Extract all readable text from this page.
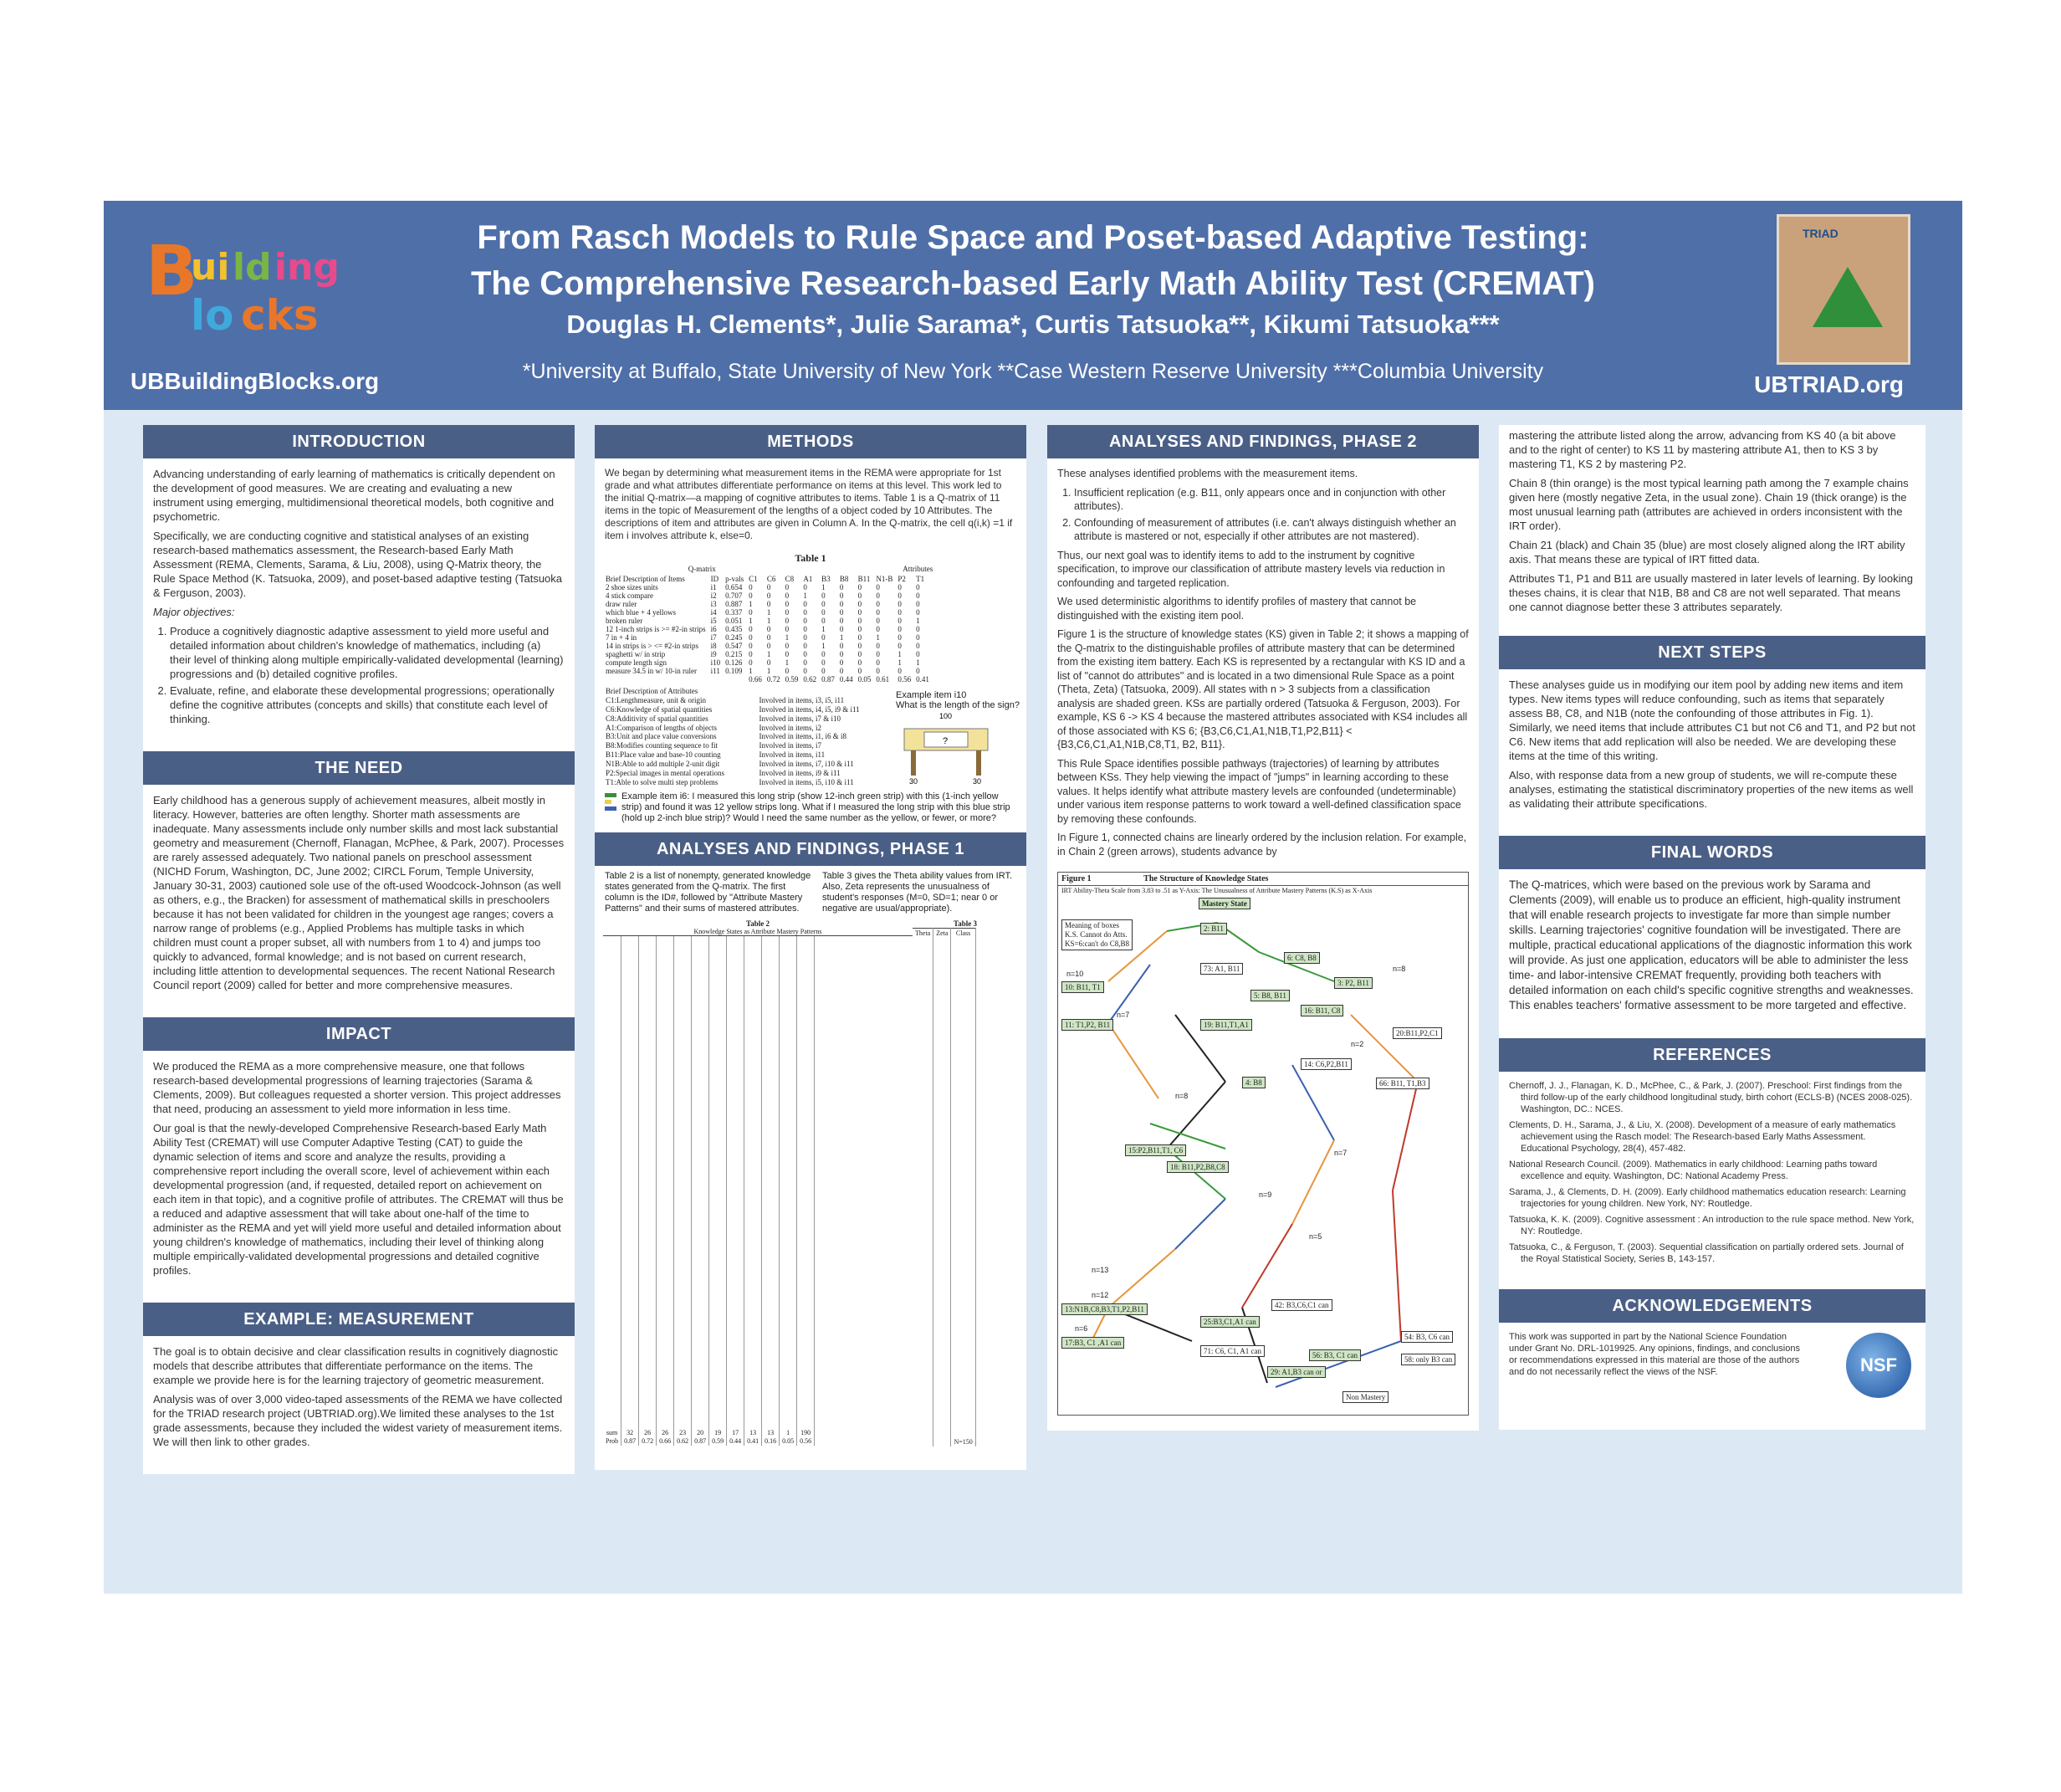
B
ui ld ing
lo cks
UBBuildingBlocks.org
From Rasch Models to Rule Space and Poset-based Adaptive Testing:
The Comprehensive Research-based Early Math Ability Test (CREMAT)
Douglas H. Clements*, Julie Sarama*, Curtis Tatsuoka**, Kikumi Tatsuoka***
*University at Buffalo, State University of New York **Case Western Reserve University ***Columbia University
TRIAD
UBTRIAD.org
INTRODUCTION

Advancing understanding of early learning of mathematics is critically dependent on the development of good measures. We are creating and evaluating a new instrument using emerging, multidimensional theoretical models, both cognitive and psychometric.

Specifically, we are conducting cognitive and statistical analyses of an existing research-based mathematics assessment, the Research-based Early Math Assessment (REMA, Clements, Sarama, & Liu, 2008), using Q-Matrix theory, the Rule Space Method (K. Tatsuoka, 2009), and poset-based adaptive testing (Tatsuoka & Ferguson, 2003).

Major objectives:

1. Produce a cognitively diagnostic adaptive assessment to yield more useful and detailed information about children's knowledge of mathematics, including (a) their level of thinking along multiple empirically-validated developmental (learning) progressions and (b) detailed cognitive profiles.
2. Evaluate, refine, and elaborate these developmental progressions; operationally define the cognitive attributes (concepts and skills) that constitute each level of thinking.
THE NEED

Early childhood has a generous supply of achievement measures, albeit mostly in literacy. However, batteries are often lengthy. Shorter math assessments are inadequate. Many assessments include only number skills and most lack substantial geometry and measurement (Chernoff, Flanagan, McPhee, & Park, 2007). Processes are rarely assessed adequately. Two national panels on preschool assessment (NICHD Forum, Washington, DC, June 2002; CIRCL Forum, Temple University, January 30-31, 2003) cautioned sole use of the oft-used Woodcock-Johnson (as well as others, e.g., the Bracken) for assessment of mathematical skills in preschoolers because it has not been validated for children in the youngest age ranges; covers a narrow range of problems (e.g., Applied Problems has multiple tasks in which children must count a proper subset, all with numbers from 1 to 4) and jumps too quickly to advanced, formal knowledge; and is not based on current research, including little attention to developmental sequences. The recent National Research Council report (2009) called for better and more comprehensive measures.

IMPACT

We produced the REMA as a more comprehensive measure, one that follows research-based developmental progressions of learning trajectories (Sarama & Clements, 2009). But colleagues requested a shorter version. This project addresses that need, producing an assessment to yield more information in less time.

Our goal is that the newly-developed Comprehensive Research-based Early Math Ability Test (CREMAT) will use Computer Adaptive Testing (CAT) to guide the dynamic selection of items and score and analyze the results, providing a comprehensive report including the overall score, level of achievement within each developmental progression (and, if requested, detailed report on achievement on each item in that topic), and a cognitive profile of attributes. The CREMAT will thus be a reduced and adaptive assessment that will take about one-half of the time to administer as the REMA and yet will yield more useful and detailed information about young children's knowledge of mathematics, including their level of thinking along multiple empirically-validated developmental progressions and detailed cognitive profiles.

EXAMPLE: MEASUREMENT

The goal is to obtain decisive and clear classification results in cognitively diagnostic models that describe attributes that differentiate performance on the items. The example we provide here is for the learning trajectory of geometric measurement.

Analysis was of over 3,000 video-taped assessments of the REMA we have collected for the TRIAD research project (UBTRIAD.org).We limited these analyses to the 1st grade assessments, because they included the widest variety of measurement items. We will then link to other grades.

METHODS

We began by determining what measurement items in the REMA were appropriate for 1st grade and what attributes differentiate performance on items at this level. This work led to the initial Q-matrix—a mapping of cognitive attributes to items. Table 1 is a Q-matrix of 11 items in the topic of Measurement of the lengths of a object coded by 10 Attributes. The descriptions of item and attributes are given in Column A. In the Q-matrix, the cell q(i,k) =1 if item i involves attribute k, else=0.

Table 1
Q-matrix	Attributes
Brief Description of Items	ID	p-vals	C1	C6	C8	A1	B3	B8	B11	N1-B	P2	T1
2 shoe sizes units	i1	0.654	0	0	0	0	1	0	0	0	0	0
4 stick compare	i2	0.707	0	0	0	1	0	0	0	0	0	0
draw ruler	i3	0.887	1	0	0	0	0	0	0	0	0	0
which blue + 4 yellows	i4	0.337	0	1	0	0	0	0	0	0	0	0
broken ruler	i5	0.051	1	1	0	0	0	0	0	0	0	1
12 1-inch strips is >= #2-in strips	i6	0.435	0	0	0	0	1	0	0	0	0	0
7 in + 4 in	i7	0.245	0	0	1	0	0	1	0	1	0	0
14 in strips is > <= #2-in strips	i8	0.547	0	0	0	0	1	0	0	0	0	0
spaghetti w/ in strip	i9	0.215	0	1	0	0	0	0	0	0	1	0
compute length sign	i10	0.126	0	0	1	0	0	0	0	0	1	1
measure 34.5 in w/ 10-in ruler	i11	0.109	1	1	0	0	0	0	0	0	0	0
			0.66	0.72	0.59	0.62	0.87	0.44	0.05	0.61	0.56	0.41
Brief Description of Attributes	
C1:Lengthmeasure, unit & origin	Involved in items, i3, i5, i11
C6:Knowledge of spatial quantities	Involved in items, i4, i5, i9 & i11
C8:Additivity of spatial quantities	Involved in items, i7 & i10
A1:Comparison of lengths of objects	Involved in items, i2
B3:Unit and place value conversions	Involved in items, i1, i6 & i8
B8:Modifies counting sequence to fit	Involved in items, i7
B11:Place value and base-10 counting	Involved in items, i11
N1B:Able to add multiple 2-unit digit	Involved in items, i7, i10 & i11
P2:Special images in mental operations	Involved in items, i9 & i11
T1:Able to solve multi step problems	Involved in items, i5, i10 & i11
Example item i10
What is the length of the sign?
100
?
30	30
Example item i6: I measured this long strip (show 12-inch green strip) with this (1-inch yellow strip) and found it was 12 yellow strips long. What if I measured the long strip with this blue strip (hold up 2-inch blue strip)? Would I need the same number as the yellow, or fewer, or more?
ANALYSES AND FINDINGS, PHASE 1
Table 2 is a list of nonempty, generated knowledge states generated from the Q-matrix. The first column is the ID#, followed by "Attribute Mastery Patterns" and their sums of mastered attributes.
Table 3 gives the Theta ability values from IRT. Also, Zeta represents the unusualness of student's responses (M=0, SD=1; near 0 or negative are usual/appropriate).
Table 2
Knowledge States as Attribute Mastery Patterns

sum	32	26	26	23	20	19	17	13	13	1	190
Prob	0.87	0.72	0.66	0.62	0.87	0.59	0.44	0.41	0.16	0.05	0.56
Table 3
Theta	Zeta	Class

		N=150
ANALYSES AND FINDINGS, PHASE 2

These analyses identified problems with the measurement items.

1. Insufficient replication (e.g. B11, only appears once and in conjunction with other attributes).
2. Confounding of measurement of attributes (i.e. can't always distinguish whether an attribute is mastered or not, especially if other attributes are not mastered).

Thus, our next goal was to identify items to add to the instrument by cognitive specification, to improve our classification of attribute mastery levels via reduction in confounding and targeted replication.

We used deterministic algorithms to identify profiles of mastery that cannot be distinguished with the existing item pool.

Figure 1 is the structure of knowledge states (KS) given in Table 2; it shows a mapping of the Q-matrix to the distinguishable profiles of attribute mastery that can be determined from the existing item battery. Each KS is represented by a rectangular with KS ID and a list of "cannot do attributes" and is located in a two dimensional Rule Space as a point (Theta, Zeta) (Tatsuoka, 2009). All states with n > 3 subjects from a classification analysis are shaded green. KSs are partially ordered (Tatsuoka & Ferguson, 2003). For example, KS 6 -> KS 4 because the mastered attributes associated with KS4 includes all of those associated with KS 6; {B3,C6,C1,A1,N1B,T1,P2,B11} < {B3,C6,C1,A1,N1B,C8,T1, B2, B11}.

This Rule Space identifies possible pathways (trajectories) of learning by attributes between KSs. They help viewing the impact of "jumps" in learning according to these values. It helps identify what attribute mastery levels are confounded (undeterminable) under various item response patterns to work toward a well-defined classification space by removing these confounds.

In Figure 1, connected chains are linearly ordered by the inclusion relation. For example, in Chain 2 (green arrows), students advance by

Figure 1	The Structure of Knowledge States
IRT Ability-Theta Scale from 3.83 to .51 as Y-Axis: The Unusualness of Attribute Mastery Patterns (K.S) as X-Axis
Meaning of boxes
K.S. Cannot do Atts.
KS=6:can't do C8,B8
Mastery State
4: B8
2: B11
6: C8, B8
73: A1, B11
3: P2, B11
5: B8, B11
16: B11, C8
10: B11, T1
11: T1,P2, B11	19: B11,T1,A1
20:B11,P2,C1
14: C6,P2,B11
66: B11, T1,B3
15:P2,B11,T1, C6
18: B11,P2,B8,C8
13:N1B,C8,B3,T1,P2,B11
17:B3, C1 ,A1 can
25:B3,C1,A1 can
71: C6, C1, A1 can
42: B3,C6,C1 can
29: A1,B3 can or
56: B3, C1 can
54: B3, C6 can
58: only B3 can
Non Mastery
n=10
n=7
n=8
n=8
n=9
n=12
n=6
n=7
n=5
n=13
n=2

mastering the attribute listed along the arrow, advancing from KS 40 (a bit above and to the right of center) to KS 11 by mastering attribute A1, then to KS 3 by mastering T1, KS 2 by mastering P2.

Chain 8 (thin orange) is the most typical learning path among the 7 example chains given here (mostly negative Zeta, in the usual zone). Chain 19 (thick orange) is the most unusual learning path (attributes are achieved in orders inconsistent with the IRT order).

Chain 21 (black) and Chain 35 (blue) are most closely aligned along the IRT ability axis. That means these are typical of IRT fitted data.

Attributes T1, P1 and B11 are usually mastered in later levels of learning. By looking theses chains, it is clear that N1B, B8 and C8 are not well separated. That means one cannot diagnose better these 3 attributes separately.

NEXT STEPS

These analyses guide us in modifying our item pool by adding new items and item types. New items types will reduce confounding, such as items that separately assess B8, C8, and N1B (note the confounding of those attributes in Fig. 1). Similarly, we need items that include attributes C1 but not C6 and T1, and P2 but not C6. New items that add replication will also be needed. We are developing these items at the time of this writing.

Also, with response data from a new group of students, we will re-compute these analyses, estimating the statistical discriminatory properties of the new items as well as validating their attribute specifications.

FINAL WORDS

The Q-matrices, which were based on the previous work by Sarama and Clements (2009), will enable us to produce an efficient, high-quality instrument that will enable research projects to investigate far more than simple number skills. Learning trajectories' cognitive foundation will be investigated. There are multiple, practical educational applications of the diagnostic information this work will provide. As just one application, educators will be able to administer the less time- and labor-intensive CREMAT frequently, providing both teachers with detailed information on each child's specific cognitive strengths and weaknesses. This enables teachers' formative assessment to be more targeted and effective.

REFERENCES

Chernoff, J. J., Flanagan, K. D., McPhee, C., & Park, J. (2007). Preschool: First findings from the third follow-up of the early childhood longitudinal study, birth cohort (ECLS-B) (NCES 2008-025). Washington, DC.: NCES.

Clements, D. H., Sarama, J., & Liu, X. (2008). Development of a measure of early mathematics achievement using the Rasch model: The Research-based Early Maths Assessment. Educational Psychology, 28(4), 457-482.

National Research Council. (2009). Mathematics in early childhood: Learning paths toward excellence and equity. Washington, DC: National Academy Press.

Sarama, J., & Clements, D. H. (2009). Early childhood mathematics education research: Learning trajectories for young children. New York, NY: Routledge.

Tatsuoka, K. K. (2009). Cognitive assessment : An introduction to the rule space method. New York, NY: Routledge.

Tatsuoka, C., & Ferguson, T. (2003). Sequential classification on partially ordered sets. Journal of the Royal Statistical Society, Series B, 143-157.

ACKNOWLEDGEMENTS
This work was supported in part by the National Science Foundation under Grant No. DRL-1019925. Any opinions, findings, and conclusions or recommendations expressed in this material are those of the authors and do not necessarily reflect the views of the NSF.	NSF
